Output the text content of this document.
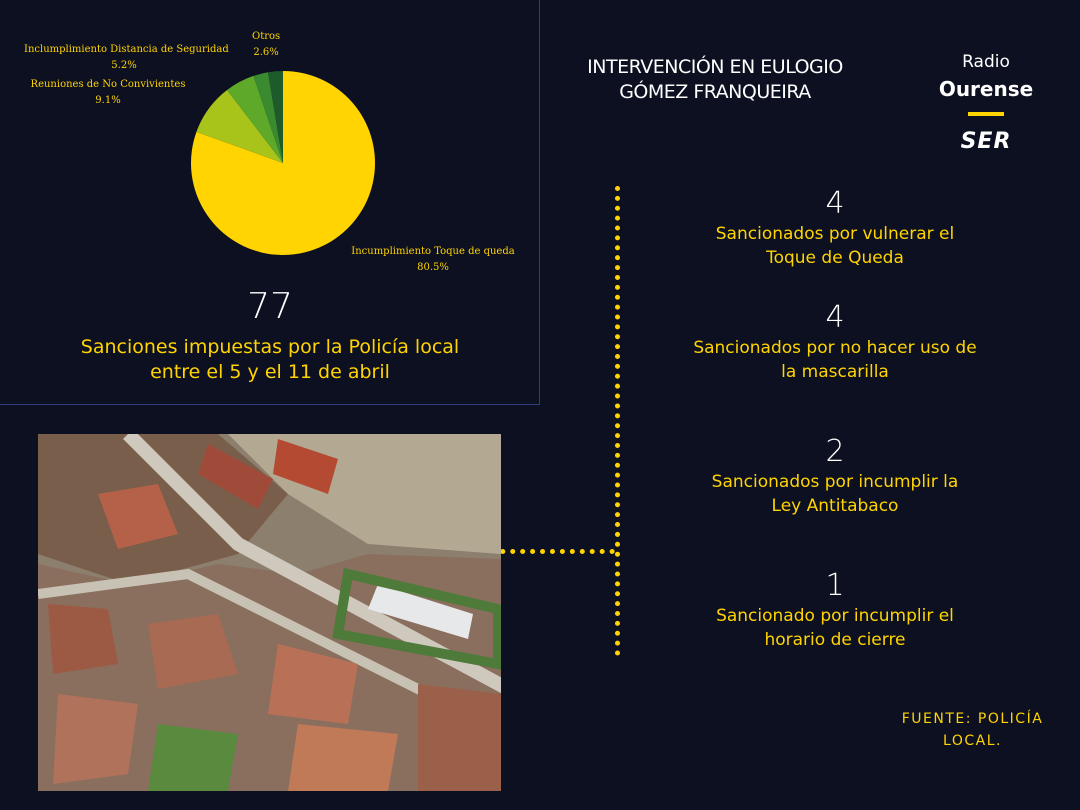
Otros
2.6%
Inclumplimiento Distancia de Seguridad
5.2%
Reuniones de No Convivientes
9.1%
Incumplimiento Toque de queda
80.5%
77
Sanciones impuestas por la Policía local entre el 5 y el 11 de abril
INTERVENCIÓN EN EULOGIO GÓMEZ FRANQUEIRA
Radio
Ourense
SER
4
Sancionados por vulnerar el Toque de Queda
4
Sancionados por no hacer uso de la mascarilla
2
Sancionados por incumplir la Ley Antitabaco
1
Sancionado por incumplir el horario de cierre
FUENTE: POLICÍA LOCAL.
